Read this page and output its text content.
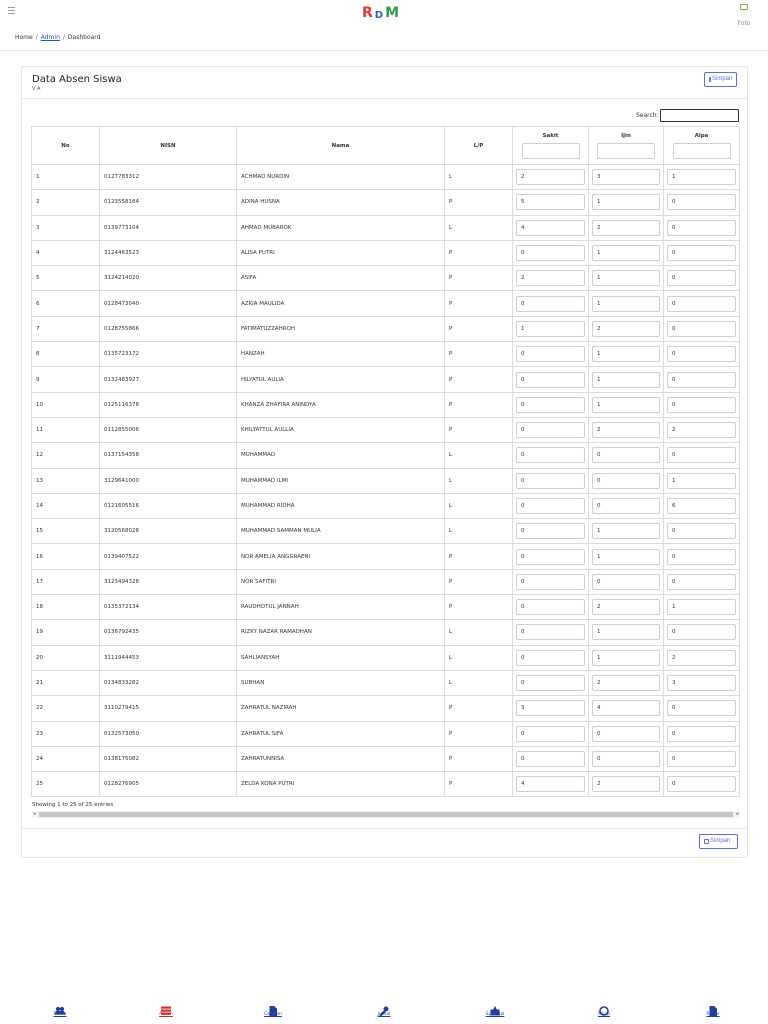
R D M
Foto
Home / Admin / Dashboard
Data Absen Siswa
V A
Simpan
Search:
No	NISN	Nama	L/P	Sakit	Ijin	Alpa

1	0127783312	ACHMAD NURDIN	L	2	3	1
2	0123558184	ADINA HUSNA	P	5	1	0
3	0139773104	AHMAD MUBAROK	L	4	2	0
4	3124463523	ALISA PUTRI	P	0	1	0
5	3124214020	ASIFA	P	2	1	0
6	0128473040	AZKIA MAULIDA	P	0	1	0
7	0128755866	FATIMATUZZAHROH	P	1	2	0
8	0135723172	HANZAH	P	0	1	0
9	0132483927	HILYATUL AULIA	P	0	1	0
10	0125116378	KHANZA ZHAFIRA ANINDYA	P	0	1	0
11	0112855006	KHILYATTUL AULLIA	P	0	2	2
12	0137154358	MUHAMMAD	L	0	0	0
13	3129641000	MUHAMMAD ILMI	L	0	0	1
14	0121605516	MUHAMMAD RIDHA	L	0	0	6
15	3120568028	MUHAMMAD SAMMAN MULIA	L	0	1	0
16	0139407522	NOR AMELIA ANGGRAENI	P	0	1	0
17	3123494328	NOR SAFITRI	P	0	0	0
18	0135372134	RAUDHOTUL JANNAH	P	0	2	1
19	0136792435	RIZKY NAZAR RAMADHAN	L	0	1	0
20	3111944453	SAHLIANSYAH	L	0	1	2
21	0134833282	SUBHAN	L	0	2	3
22	3110279415	ZAHRATUL NAZIRAH	P	3	4	0
23	0132573050	ZAHRATUL SIFA	P	0	0	0
24	0138175082	ZAHRATUNNISA	P	0	0	0
25	0128276905	ZELDA KONA PUTRI	P	4	2	0
Showing 1 to 25 of 25 entries
◂	▸
Simpan
Siswa	Absen	Catatan	Jurnal	Spiritual	Sikap	Rapor
